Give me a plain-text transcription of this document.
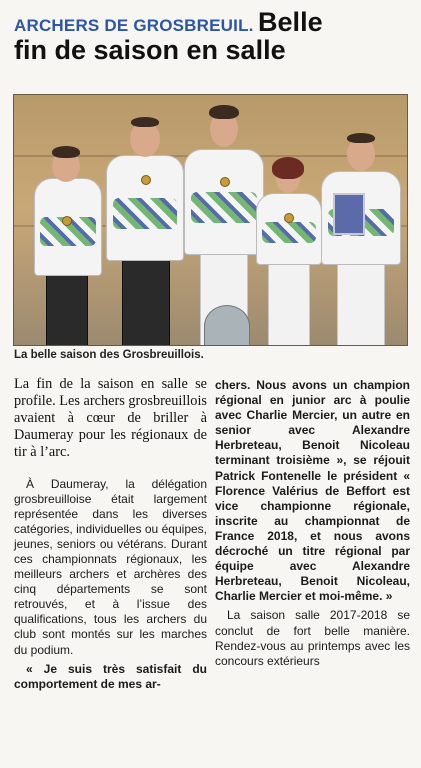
ARCHERS DE GROSBREUIL. Belle
fin de saison en salle
La belle saison des Grosbreuillois.

La fin de la saison en salle se profile. Les archers grosbreuillois avaient à cœur de briller à Daumeray pour les régionaux de tir à l’arc.

À Daumeray, la délégation grosbreuilloise était largement représentée dans les diverses catégories, individuelles ou équipes, jeunes, seniors ou vétérans. Durant ces championnats régionaux, les meilleurs archers et archères des cinq départements se sont retrouvés, et à l’issue des qualifications, tous les archers du club sont montés sur les marches du podium.

« Je suis très satisfait du comportement de mes ar-

chers. Nous avons un champion régional en junior arc à poulie avec Charlie Mercier, un autre en senior avec Alexandre Herbreteau, Benoit Nicoleau terminant troisième », se réjouit Patrick Fontenelle le président « Florence Valérius de Beffort est vice championne régionale, inscrite au championnat de France 2018, et nous avons décroché un titre régional par équipe avec Alexandre Herbreteau, Benoit Nicoleau, Charlie Mercier et moi-même. »

La saison salle 2017-2018 se conclut de fort belle manière. Rendez-vous au printemps avec les concours extérieurs
